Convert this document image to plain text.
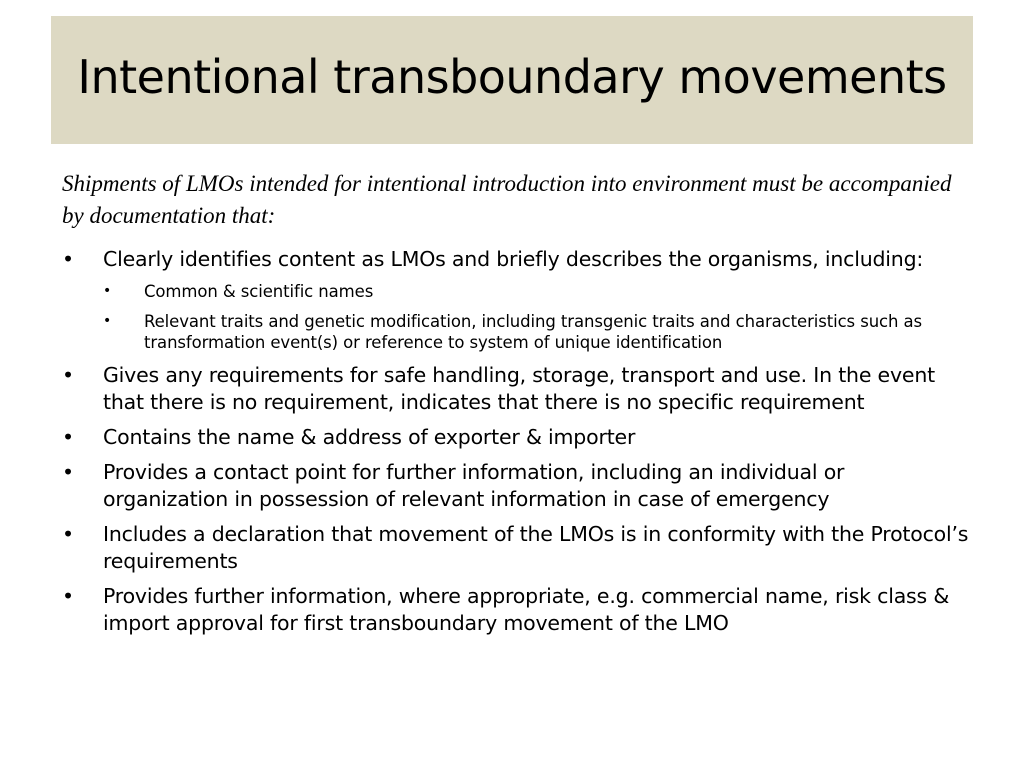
Intentional transboundary movements

Shipments of LMOs intended for intentional introduction into environment must be accompanied by documentation that:

• Clearly identifies content as LMOs and briefly describes the organisms, including:
• Common & scientific names
• Relevant traits and genetic modification, including transgenic traits and characteristics such as transformation event(s) or reference to system of unique identification
• Gives any requirements for safe handling, storage, transport and use. In the event that there is no requirement, indicates that there is no specific requirement
• Contains the name & address of exporter & importer
• Provides a contact point for further information, including an individual or organization in possession of relevant information in case of emergency
• Includes a declaration that movement of the LMOs is in conformity with the Protocol’s requirements
• Provides further information, where appropriate, e.g. commercial name, risk class & import approval for first transboundary movement of the LMO
